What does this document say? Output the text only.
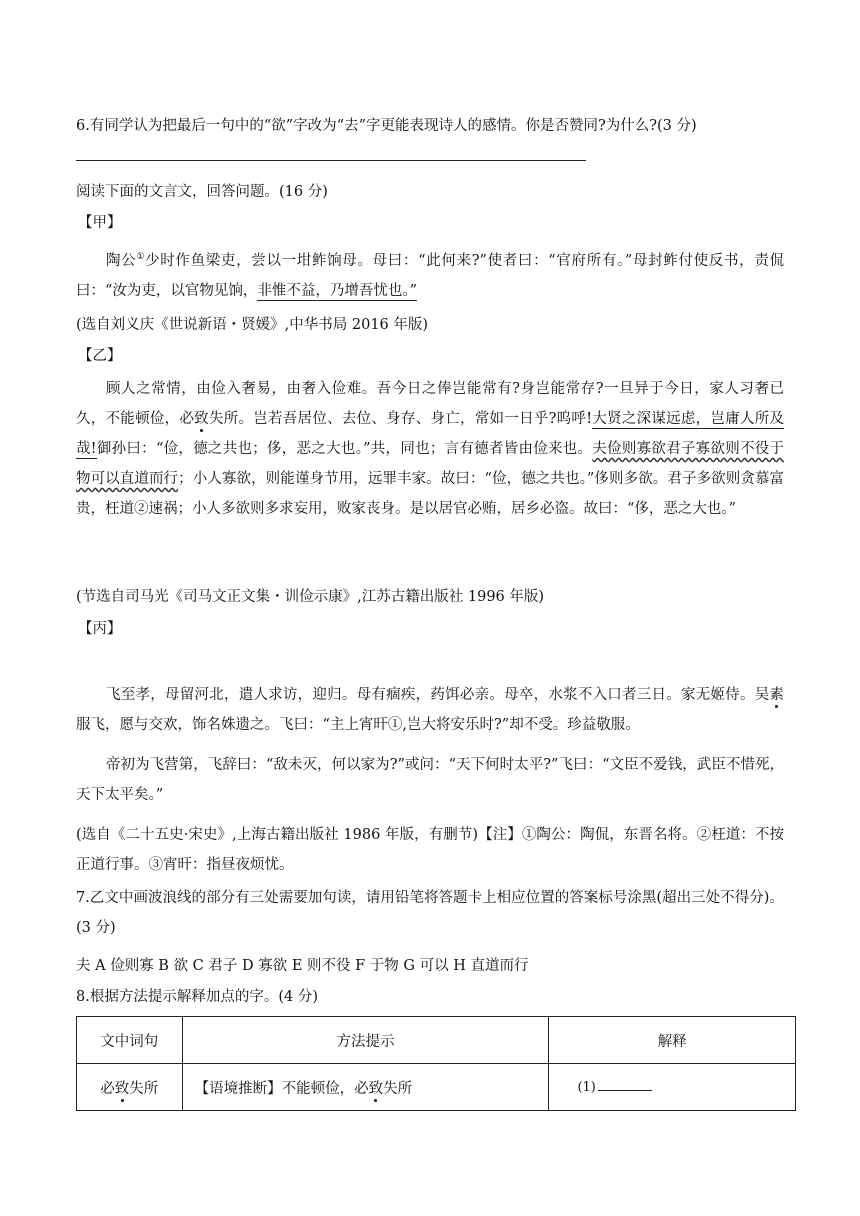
6.有同学认为把最后一句中的“欲”字改为“去”字更能表现诗人的感情。你是否赞同?为什么?(3 分)
阅读下面的文言文，回答问题。(16 分)
【甲】
陶公①少时作鱼梁吏，尝以一坩鲊饷母。母曰：“此何来?”使者曰：“官府所有。”母封鲊付使反书，责侃曰：“汝为吏，以官物见饷，非惟不益，乃增吾忧也。”
(选自刘义庆《世说新语・贤媛》,中华书局 2016 年版)
【乙】
顾人之常情，由俭入奢易，由奢入俭难。吾今日之俸岂能常有?身岂能常存?一旦异于今日，家人习奢已久，不能顿俭，必致失所。岂若吾居位、去位、身存、身亡，常如一日乎?呜呼!大贤之深谋远虑，岂庸人所及哉!御孙曰：“俭，德之共也；侈，恶之大也。”共，同也；言有德者皆由俭来也。夫俭则寡欲君子寡欲则不役于物可以直道而行；小人寡欲，则能谨身节用，远罪丰家。故曰：“俭，德之共也。”侈则多欲。君子多欲则贪慕富贵，枉道②速祸；小人多欲则多求妄用，败家丧身。是以居官必贿，居乡必盗。故曰：“侈，恶之大也。”
(节选自司马光《司马文正文集・训俭示康》,江苏古籍出版社 1996 年版)
【丙】
飞至孝，母留河北，遣人求访，迎归。母有痼疾，药饵必亲。母卒，水浆不入口者三日。家无姬侍。吴素服飞，愿与交欢，饰名姝遗之。飞曰：“主上宵旰①,岂大将安乐时?”却不受。珍益敬服。
帝初为飞营第，飞辞曰：“敌未灭，何以家为?”或问：“天下何时太平?”飞曰：“文臣不爱钱，武臣不惜死，天下太平矣。”
(选自《二十五史·宋史》,上海古籍出版社 1986 年版，有删节)【注】①陶公：陶侃，东晋名将。②枉道：不按正道行事。③宵旰：指昼夜烦忧。
7.乙文中画波浪线的部分有三处需要加句读，请用铅笔将答题卡上相应位置的答案标号涂黑(超出三处不得分)。(3 分)
夫 A 俭则寡 B 欲 C 君子 D 寡欲 E 则不役 F 于物 G 可以 H 直道而行
8.根据方法提示解释加点的字。(4 分)
文中词句	方法提示	解释
必致失所	【语境推断】不能顿俭，必致失所	(1)
